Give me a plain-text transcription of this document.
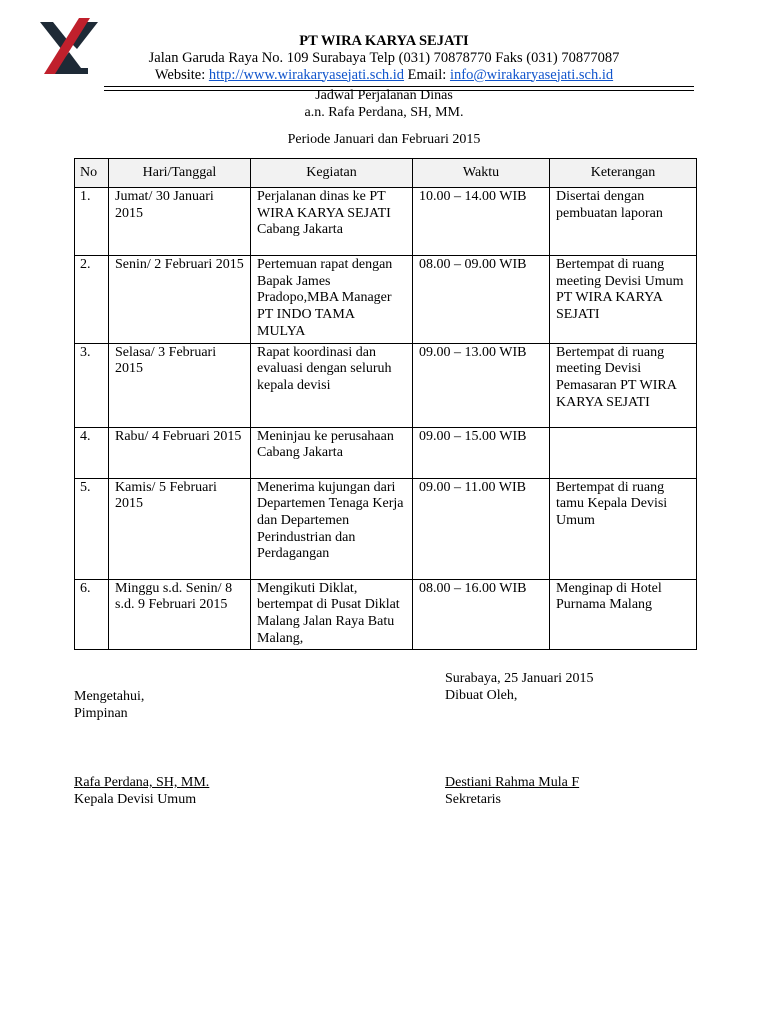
PT WIRA KARYA SEJATI
Jalan Garuda Raya No. 109 Surabaya Telp (031) 70878770 Faks (031) 70877087
Website: http://www.wirakaryasejati.sch.id Email: info@wirakaryasejati.sch.id
Jadwal Perjalanan Dinas
a.n. Rafa Perdana, SH, MM.
Periode Januari dan Februari 2015
No	Hari/Tanggal	Kegiatan	Waktu	Keterangan
1.	Jumat/ 30 Januari 2015	Perjalanan dinas ke PT WIRA KARYA SEJATI Cabang Jakarta	10.00 – 14.00 WIB	Disertai dengan pembuatan laporan
2.	Senin/ 2 Februari 2015	Pertemuan rapat dengan Bapak James Pradopo,MBA Manager PT INDO TAMA MULYA	08.00 – 09.00 WIB	Bertempat di ruang meeting Devisi Umum PT WIRA KARYA SEJATI
3.	Selasa/ 3 Februari 2015	Rapat koordinasi dan evaluasi dengan seluruh kepala devisi	09.00 – 13.00 WIB	Bertempat di ruang meeting Devisi Pemasaran PT WIRA KARYA SEJATI
4.	Rabu/ 4 Februari 2015	Meninjau ke perusahaan Cabang Jakarta	09.00 – 15.00 WIB	
5.	Kamis/ 5 Februari 2015	Menerima kujungan dari Departemen Tenaga Kerja dan Departemen Perindustrian dan Perdagangan	09.00 – 11.00 WIB	Bertempat di ruang tamu Kepala Devisi Umum
6.	Minggu s.d. Senin/ 8 s.d. 9 Februari 2015	Mengikuti Diklat, bertempat di Pusat Diklat Malang Jalan Raya Batu Malang,	08.00 – 16.00 WIB	Menginap di Hotel Purnama Malang
Surabaya, 25 Januari 2015
Dibuat Oleh,
Mengetahui,
Pimpinan
Rafa Perdana, SH, MM.
Kepala Devisi Umum
Destiani Rahma Mula F
Sekretaris
